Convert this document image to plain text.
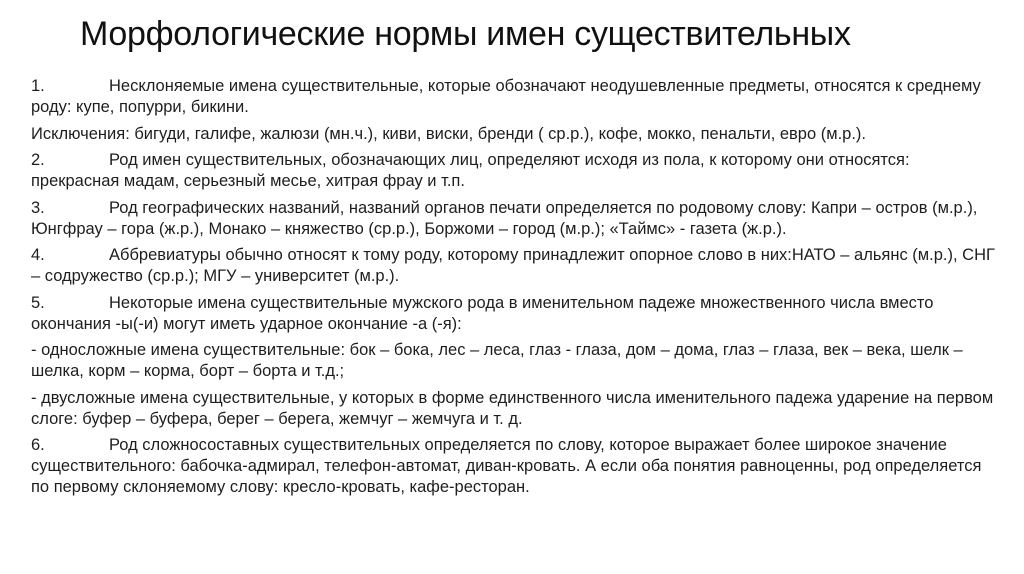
Морфологические нормы имен существительных

1.	Несклоняемые имена существительные, которые обозначают неодушевленные предметы, относятся к среднему роду: купе, попурри, бикини.

Исключения: бигуди, галифе, жалюзи (мн.ч.), киви, виски, бренди ( ср.р.), кофе, мокко, пенальти, евро (м.р.).

2.	Род имен существительных, обозначающих лиц, определяют исходя из пола, к которому они относятся: прекрасная мадам, серьезный месье, хитрая фрау и т.п.

3.	Род географических названий, названий органов печати определяется по родовому слову: Капри – остров (м.р.), Юнгфрау – гора (ж.р.), Монако – княжество (ср.р.), Боржоми – город (м.р.); «Таймс» - газета (ж.р.).

4.	Аббревиатуры обычно относят к тому роду, которому принадлежит опорное слово в них:НАТО – альянс (м.р.), СНГ – содружество (ср.р.); МГУ – университет (м.р.).

5.	Некоторые имена существительные мужского рода в именительном падеже множественного числа вместо окончания -ы(-и) могут иметь ударное окончание -а (-я):

- односложные имена существительные: бок – бока, лес – леса, глаз - глаза, дом – дома, глаз – глаза, век – века, шелк – шелка, корм – корма, борт – борта и т.д.;

- двусложные имена существительные, у которых в форме единственного числа именительного падежа ударение на первом слоге: буфер – буфера, берег – берега, жемчуг – жемчуга и т. д.

6.	Род сложносоставных существительных определяется по слову, которое выражает более широкое значение существительного: бабочка-адмирал, телефон-автомат, диван-кровать. А если оба понятия равноценны, род определяется по первому склоняемому слову: кресло-кровать, кафе-ресторан.
